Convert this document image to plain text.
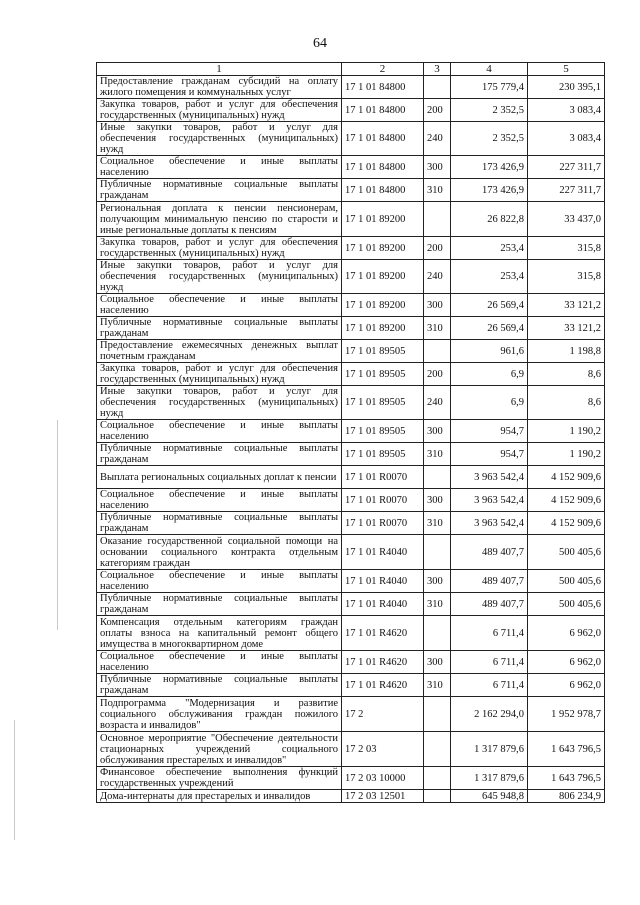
64
1	2	3	4	5
Предоставление гражданам субсидий на оплату жилого помещения и коммунальных услуг	17 1 01 84800		175 779,4	230 395,1
Закупка товаров, работ и услуг для обеспечения государственных (муниципальных) нужд	17 1 01 84800	200	2 352,5	3 083,4
Иные закупки товаров, работ и услуг для обеспечения государственных (муниципальных) нужд	17 1 01 84800	240	2 352,5	3 083,4
Социальное обеспечение и иные выплаты населению	17 1 01 84800	300	173 426,9	227 311,7
Публичные нормативные социальные выплаты гражданам	17 1 01 84800	310	173 426,9	227 311,7
Региональная доплата к пенсии пенсионерам, получающим минимальную пенсию по старости и иные региональные доплаты к пенсиям	17 1 01 89200		26 822,8	33 437,0
Закупка товаров, работ и услуг для обеспечения государственных (муниципальных) нужд	17 1 01 89200	200	253,4	315,8
Иные закупки товаров, работ и услуг для обеспечения государственных (муниципальных) нужд	17 1 01 89200	240	253,4	315,8
Социальное обеспечение и иные выплаты населению	17 1 01 89200	300	26 569,4	33 121,2
Публичные нормативные социальные выплаты гражданам	17 1 01 89200	310	26 569,4	33 121,2
Предоставление ежемесячных денежных выплат почетным гражданам	17 1 01 89505		961,6	1 198,8
Закупка товаров, работ и услуг для обеспечения государственных (муниципальных) нужд	17 1 01 89505	200	6,9	8,6
Иные закупки товаров, работ и услуг для обеспечения государственных (муниципальных) нужд	17 1 01 89505	240	6,9	8,6
Социальное обеспечение и иные выплаты населению	17 1 01 89505	300	954,7	1 190,2
Публичные нормативные социальные выплаты гражданам	17 1 01 89505	310	954,7	1 190,2
Выплата региональных социальных доплат к пенсии	17 1 01 R0070		3 963 542,4	4 152 909,6
Социальное обеспечение и иные выплаты населению	17 1 01 R0070	300	3 963 542,4	4 152 909,6
Публичные нормативные социальные выплаты гражданам	17 1 01 R0070	310	3 963 542,4	4 152 909,6
Оказание государственной социальной помощи на основании социального контракта отдельным категориям граждан	17 1 01 R4040		489 407,7	500 405,6
Социальное обеспечение и иные выплаты населению	17 1 01 R4040	300	489 407,7	500 405,6
Публичные нормативные социальные выплаты гражданам	17 1 01 R4040	310	489 407,7	500 405,6
Компенсация отдельным категориям граждан оплаты взноса на капитальный ремонт общего имущества в многоквартирном доме	17 1 01 R4620		6 711,4	6 962,0
Социальное обеспечение и иные выплаты населению	17 1 01 R4620	300	6 711,4	6 962,0
Публичные нормативные социальные выплаты гражданам	17 1 01 R4620	310	6 711,4	6 962,0
Подпрограмма "Модернизация и развитие социального обслуживания граждан пожилого возраста и инвалидов"	17 2		2 162 294,0	1 952 978,7
Основное мероприятие "Обеспечение деятельности стационарных учреждений социального обслуживания престарелых и инвалидов"	17 2 03		1 317 879,6	1 643 796,5
Финансовое обеспечение выполнения функций государственных учреждений	17 2 03 10000		1 317 879,6	1 643 796,5
Дома-интернаты для престарелых и инвалидов	17 2 03 12501		645 948,8	806 234,9
